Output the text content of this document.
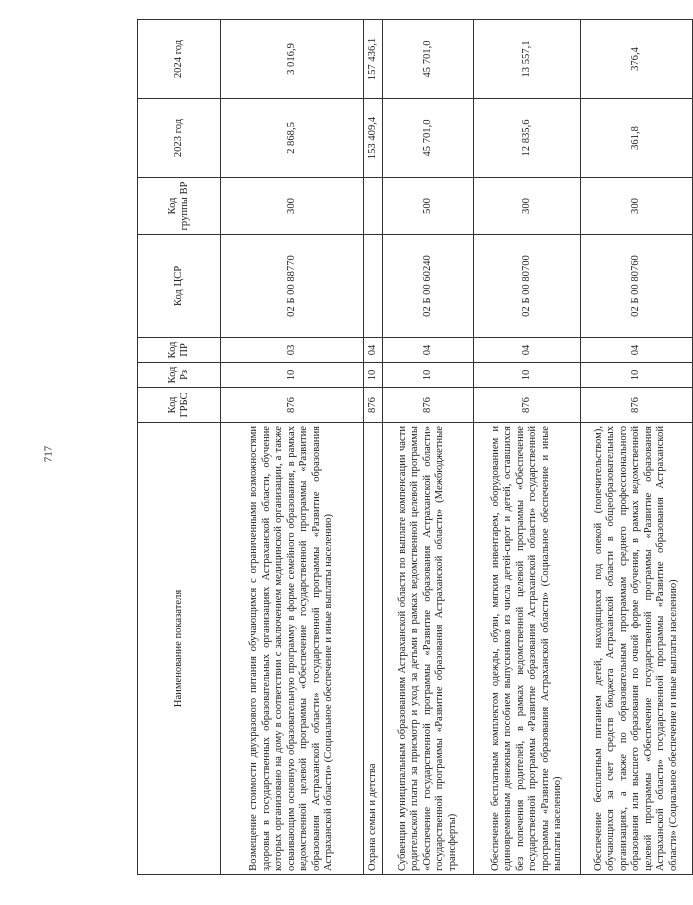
717
Наименование показателя	Код ГРБС	Код Рз	Код ПР	Код ЦСР	Код группы ВР	2023 год	2024 год
Возмещение стоимости двухразового питания обучающимся с ограниченными возможностями здоровья в государственных образовательных организациях Астраханской области, обучение которых организовано на дому в соответствии с заключением медицинской организации, а также осваивающим основную образовательную программу в форме семейного образования, в рамках ведомственной целевой программы «Обеспечение государственной программы «Развитие образования Астраханской области» государственной программы «Развитие образования Астраханской области» (Социальное обеспечение и иные выплаты населению)	876	10	03	02 Б 00 88770	300	2 868,5	3 016,9
Охрана семьи и детства	876	10	04			153 409,4	157 436,1
Субвенции муниципальным образованиям Астраханской области по выплате компенсации части родительской платы за присмотр и уход за детьми в рамках ведомственной целевой программы «Обеспечение государственной программы «Развитие образования Астраханской области» государственной программы «Развитие образования Астраханской области» (Межбюджетные трансферты)	876	10	04	02 Б 00 60240	500	45 701,0	45 701,0
Обеспечение бесплатным комплектом одежды, обуви, мягким инвентарем, оборудованием и единовременным денежным пособием выпускников из числа детей-сирот и детей, оставшихся без попечения родителей, в рамках ведомственной целевой программы «Обеспечение государственной программы «Развитие образования Астраханской области» государственной программы «Развитие образования Астраханской области» (Социальное обеспечение и иные выплаты населению)	876	10	04	02 Б 00 80700	300	12 835,6	13 557,1
Обеспечение бесплатным питанием детей, находящихся под опекой (попечительством), обучающихся за счет средств бюджета Астраханской области в общеобразовательных организациях, а также по образовательным программам среднего профессионального образования или высшего образования по очной форме обучения, в рамках ведомственной целевой программы «Обеспечение государственной программы «Развитие образования Астраханской области» государственной программы «Развитие образования Астраханской области» (Социальное обеспечение и иные выплаты населению)	876	10	04	02 Б 00 80760	300	361,8	376,4
